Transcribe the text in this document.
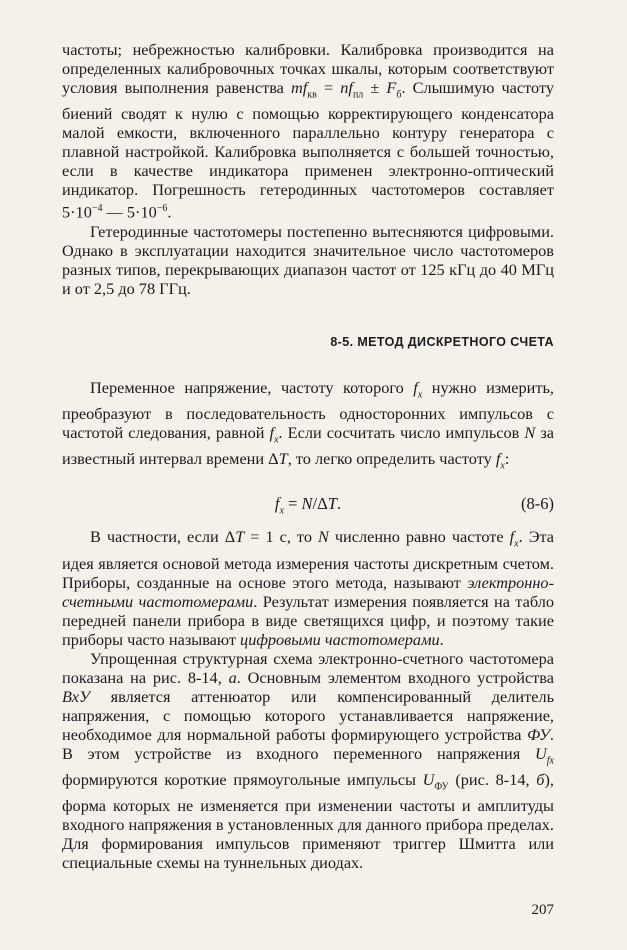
частоты; небрежностью калибровки. Калибровка производится на определенных калибровочных точках шкалы, которым соответствуют условия выполнения равенства $mf_{кв} = nf_{пл} \pm F_б$. Слышимую частоту биений сводят к нулю с помощью корректирующего конденсатора малой емкости, включенного параллельно контуру генератора с плавной настройкой. Калибровка выполняется с большей точностью, если в качестве индикатора применен электронно-оптический индикатор. Погрешность гетеродинных частотомеров составляет $5\cdot 10^{-4}$ — $5\cdot 10^{-6}$.

Гетеродинные частотомеры постепенно вытесняются цифровыми. Однако в эксплуатации находится значительное число частотомеров разных типов, перекрывающих диапазон частот от 125 кГц до 40 МГц и от 2,5 до 78 ГГц.

8-5. МЕТОД ДИСКРЕТНОГО СЧЕТА

Переменное напряжение, частоту которого $f_x$ нужно измерить, преобразуют в последовательность односторонних импульсов с частотой следования, равной $f_x$. Если сосчитать число импульсов N за известный интервал времени ΔT, то легко определить частоту $f_x$:

$f_x = N/\Delta T$.	(8-6)

В частности, если ΔT = 1 с, то N численно равно частоте $f_x$. Эта идея является основой метода измерения частоты дискретным счетом. Приборы, созданные на основе этого метода, называют электронно-счетными частотомерами. Результат измерения появляется на табло передней панели прибора в виде светящихся цифр, и поэтому такие приборы часто называют цифровыми частотомерами.

Упрощенная структурная схема электронно-счетного частотомера показана на рис. 8-14, а. Основным элементом входного устройства ВхУ является аттенюатор или компенсированный делитель напряжения, с помощью которого устанавливается напряжение, необходимое для нормальной работы формирующего устройства ФУ. В этом устройстве из входного переменного напряжения $U_{fx}$ формируются короткие прямоугольные импульсы $U_{ФУ}$ (рис. 8-14, б), форма которых не изменяется при изменении частоты и амплитуды входного напряжения в установленных для данного прибора пределах. Для формирования импульсов применяют триггер Шмитта или специальные схемы на туннельных диодах.

207
